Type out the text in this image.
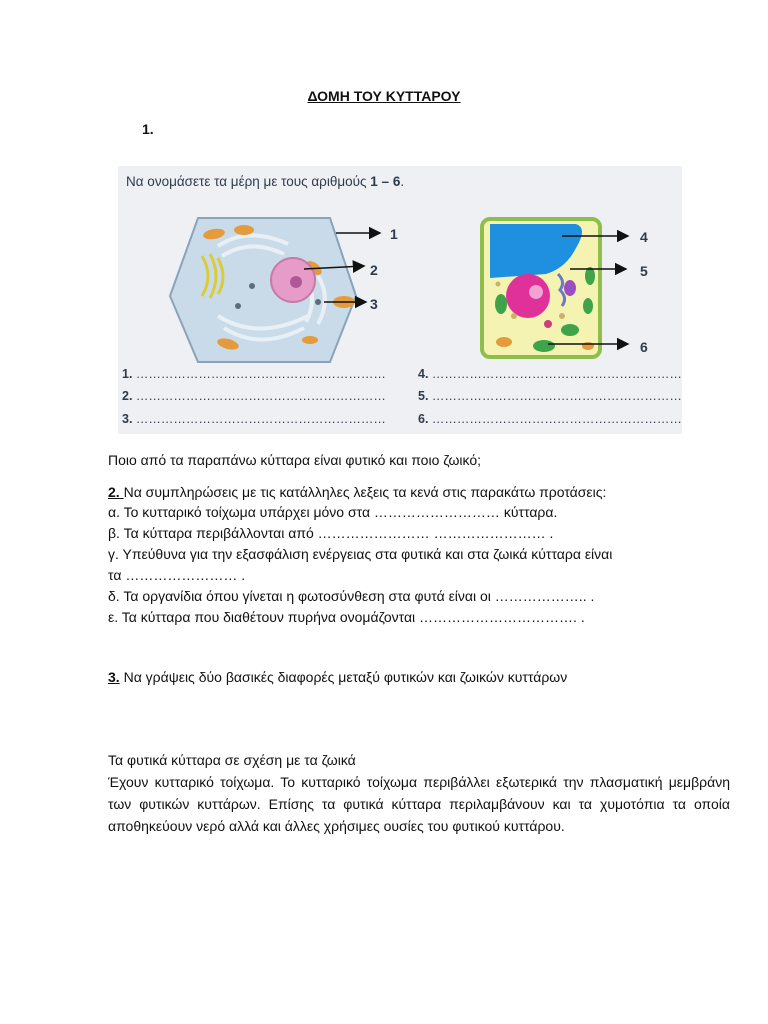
ΔΟΜΗ ΤΟΥ ΚΥΤΤΑΡΟΥ
1.
Να ονομάσετε τα μέρη με τους αριθμούς 1 – 6.
1
2
3
4
5
6
1. ……………………………………………………
2. ……………………………………………………
3. ……………………………………………………
4. ……………………………………………………
5. ……………………………………………………
6. ……………………………………………………
Ποιο από τα παραπάνω κύτταρα είναι φυτικό και ποιο ζωικό;
2. Να συμπληρώσεις με τις κατάλληλες λεξεις τα κενά στις παρακάτω προτάσεις:
α. Το κυτταρικό τοίχωμα υπάρχει μόνο στα ……………………… κύτταρα.
β. Τα κύτταρα περιβάλλονται από …………………… …………………… .
γ. Υπεύθυνα για την εξασφάλιση ενέργειας στα φυτικά και στα ζωικά κύτταρα είναι
τα …………………… .
δ. Τα οργανίδια όπου γίνεται η φωτοσύνθεση στα φυτά είναι οι ……………….. .
ε. Τα κύτταρα που διαθέτουν πυρήνα ονομάζονται ……………………………. .
3. Να γράψεις δύο βασικές διαφορές μεταξύ φυτικών και ζωικών κυττάρων
Τα φυτικά κύτταρα σε σχέση με τα ζωικά
Έχουν κυτταρικό τοίχωμα. Το κυτταρικό τοίχωμα περιβάλλει εξωτερικά την πλασματική μεμβράνη των φυτικών κυττάρων. Επίσης τα φυτικά κύτταρα περιλαμβάνουν και τα χυμοτόπια τα οποία αποθηκεύουν νερό αλλά και άλλες χρήσιμες ουσίες του φυτικού κυττάρου.
